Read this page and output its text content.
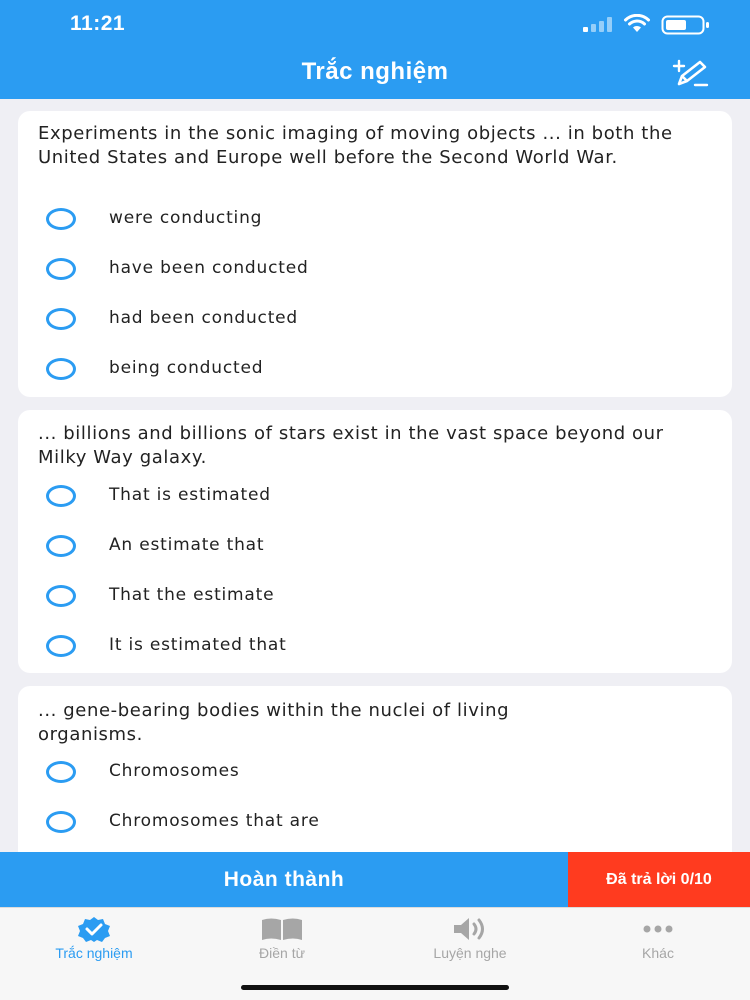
11:21
Trắc nghiệm

Experiments in the sonic imaging of moving objects ... in both the United States and Europe well before the Second World War.

were conducting
have been conducted
had been conducted
being conducted

... billions and billions of stars exist in the vast space beyond our Milky Way galaxy.

That is estimated
An estimate that
That the estimate
It is estimated that

... gene-bearing bodies within the nuclei of living organisms.

Chromosomes
Chromosomes that are
Hoàn thành	Đã trả lời 0/10
Trắc nghiệm	Điền từ	Luyện nghe	Khác
